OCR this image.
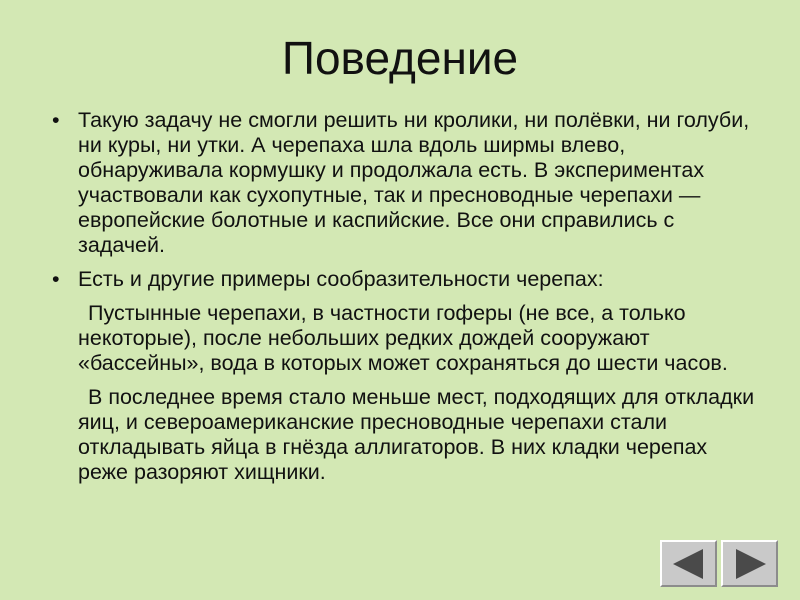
Поведение
• Такую задачу не смогли решить ни кролики, ни полёвки, ни голуби, ни куры, ни утки. А черепаха шла вдоль ширмы влево, обнаруживала кормушку и продолжала есть. В экспериментах участвовали как сухопутные, так и пресноводные черепахи — европейские болотные и каспийские. Все они справились с задачей.
• Есть и другие примеры сообразительности черепах:
Пустынные черепахи, в частности гоферы (не все, а только некоторые), после небольших редких дождей сооружают «бассейны», вода в которых может сохраняться до шести часов.
В последнее время стало меньше мест, подходящих для откладки яиц, и североамериканские пресноводные черепахи стали откладывать яйца в гнёзда аллигаторов. В них кладки черепах реже разоряют хищники.
